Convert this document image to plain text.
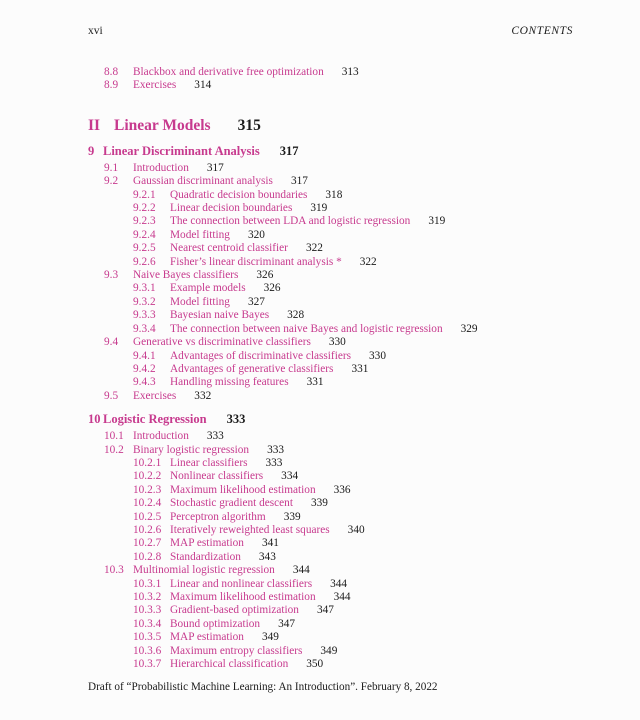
xvi	CONTENTS
8.8 Blackbox and derivative free optimization 313
8.9 Exercises 314
II Linear Models 315
9 Linear Discriminant Analysis 317
9.1 Introduction 317
9.2 Gaussian discriminant analysis 317
9.2.1 Quadratic decision boundaries 318
9.2.2 Linear decision boundaries 319
9.2.3 The connection between LDA and logistic regression 319
9.2.4 Model fitting 320
9.2.5 Nearest centroid classifier 322
9.2.6 Fisher’s linear discriminant analysis * 322
9.3 Naive Bayes classifiers 326
9.3.1 Example models 326
9.3.2 Model fitting 327
9.3.3 Bayesian naive Bayes 328
9.3.4 The connection between naive Bayes and logistic regression 329
9.4 Generative vs discriminative classifiers 330
9.4.1 Advantages of discriminative classifiers 330
9.4.2 Advantages of generative classifiers 331
9.4.3 Handling missing features 331
9.5 Exercises 332
10 Logistic Regression 333
10.1 Introduction 333
10.2 Binary logistic regression 333
10.2.1 Linear classifiers 333
10.2.2 Nonlinear classifiers 334
10.2.3 Maximum likelihood estimation 336
10.2.4 Stochastic gradient descent 339
10.2.5 Perceptron algorithm 339
10.2.6 Iteratively reweighted least squares 340
10.2.7 MAP estimation 341
10.2.8 Standardization 343
10.3 Multinomial logistic regression 344
10.3.1 Linear and nonlinear classifiers 344
10.3.2 Maximum likelihood estimation 344
10.3.3 Gradient-based optimization 347
10.3.4 Bound optimization 347
10.3.5 MAP estimation 349
10.3.6 Maximum entropy classifiers 349
10.3.7 Hierarchical classification 350
Draft of “Probabilistic Machine Learning: An Introduction”. February 8, 2022
